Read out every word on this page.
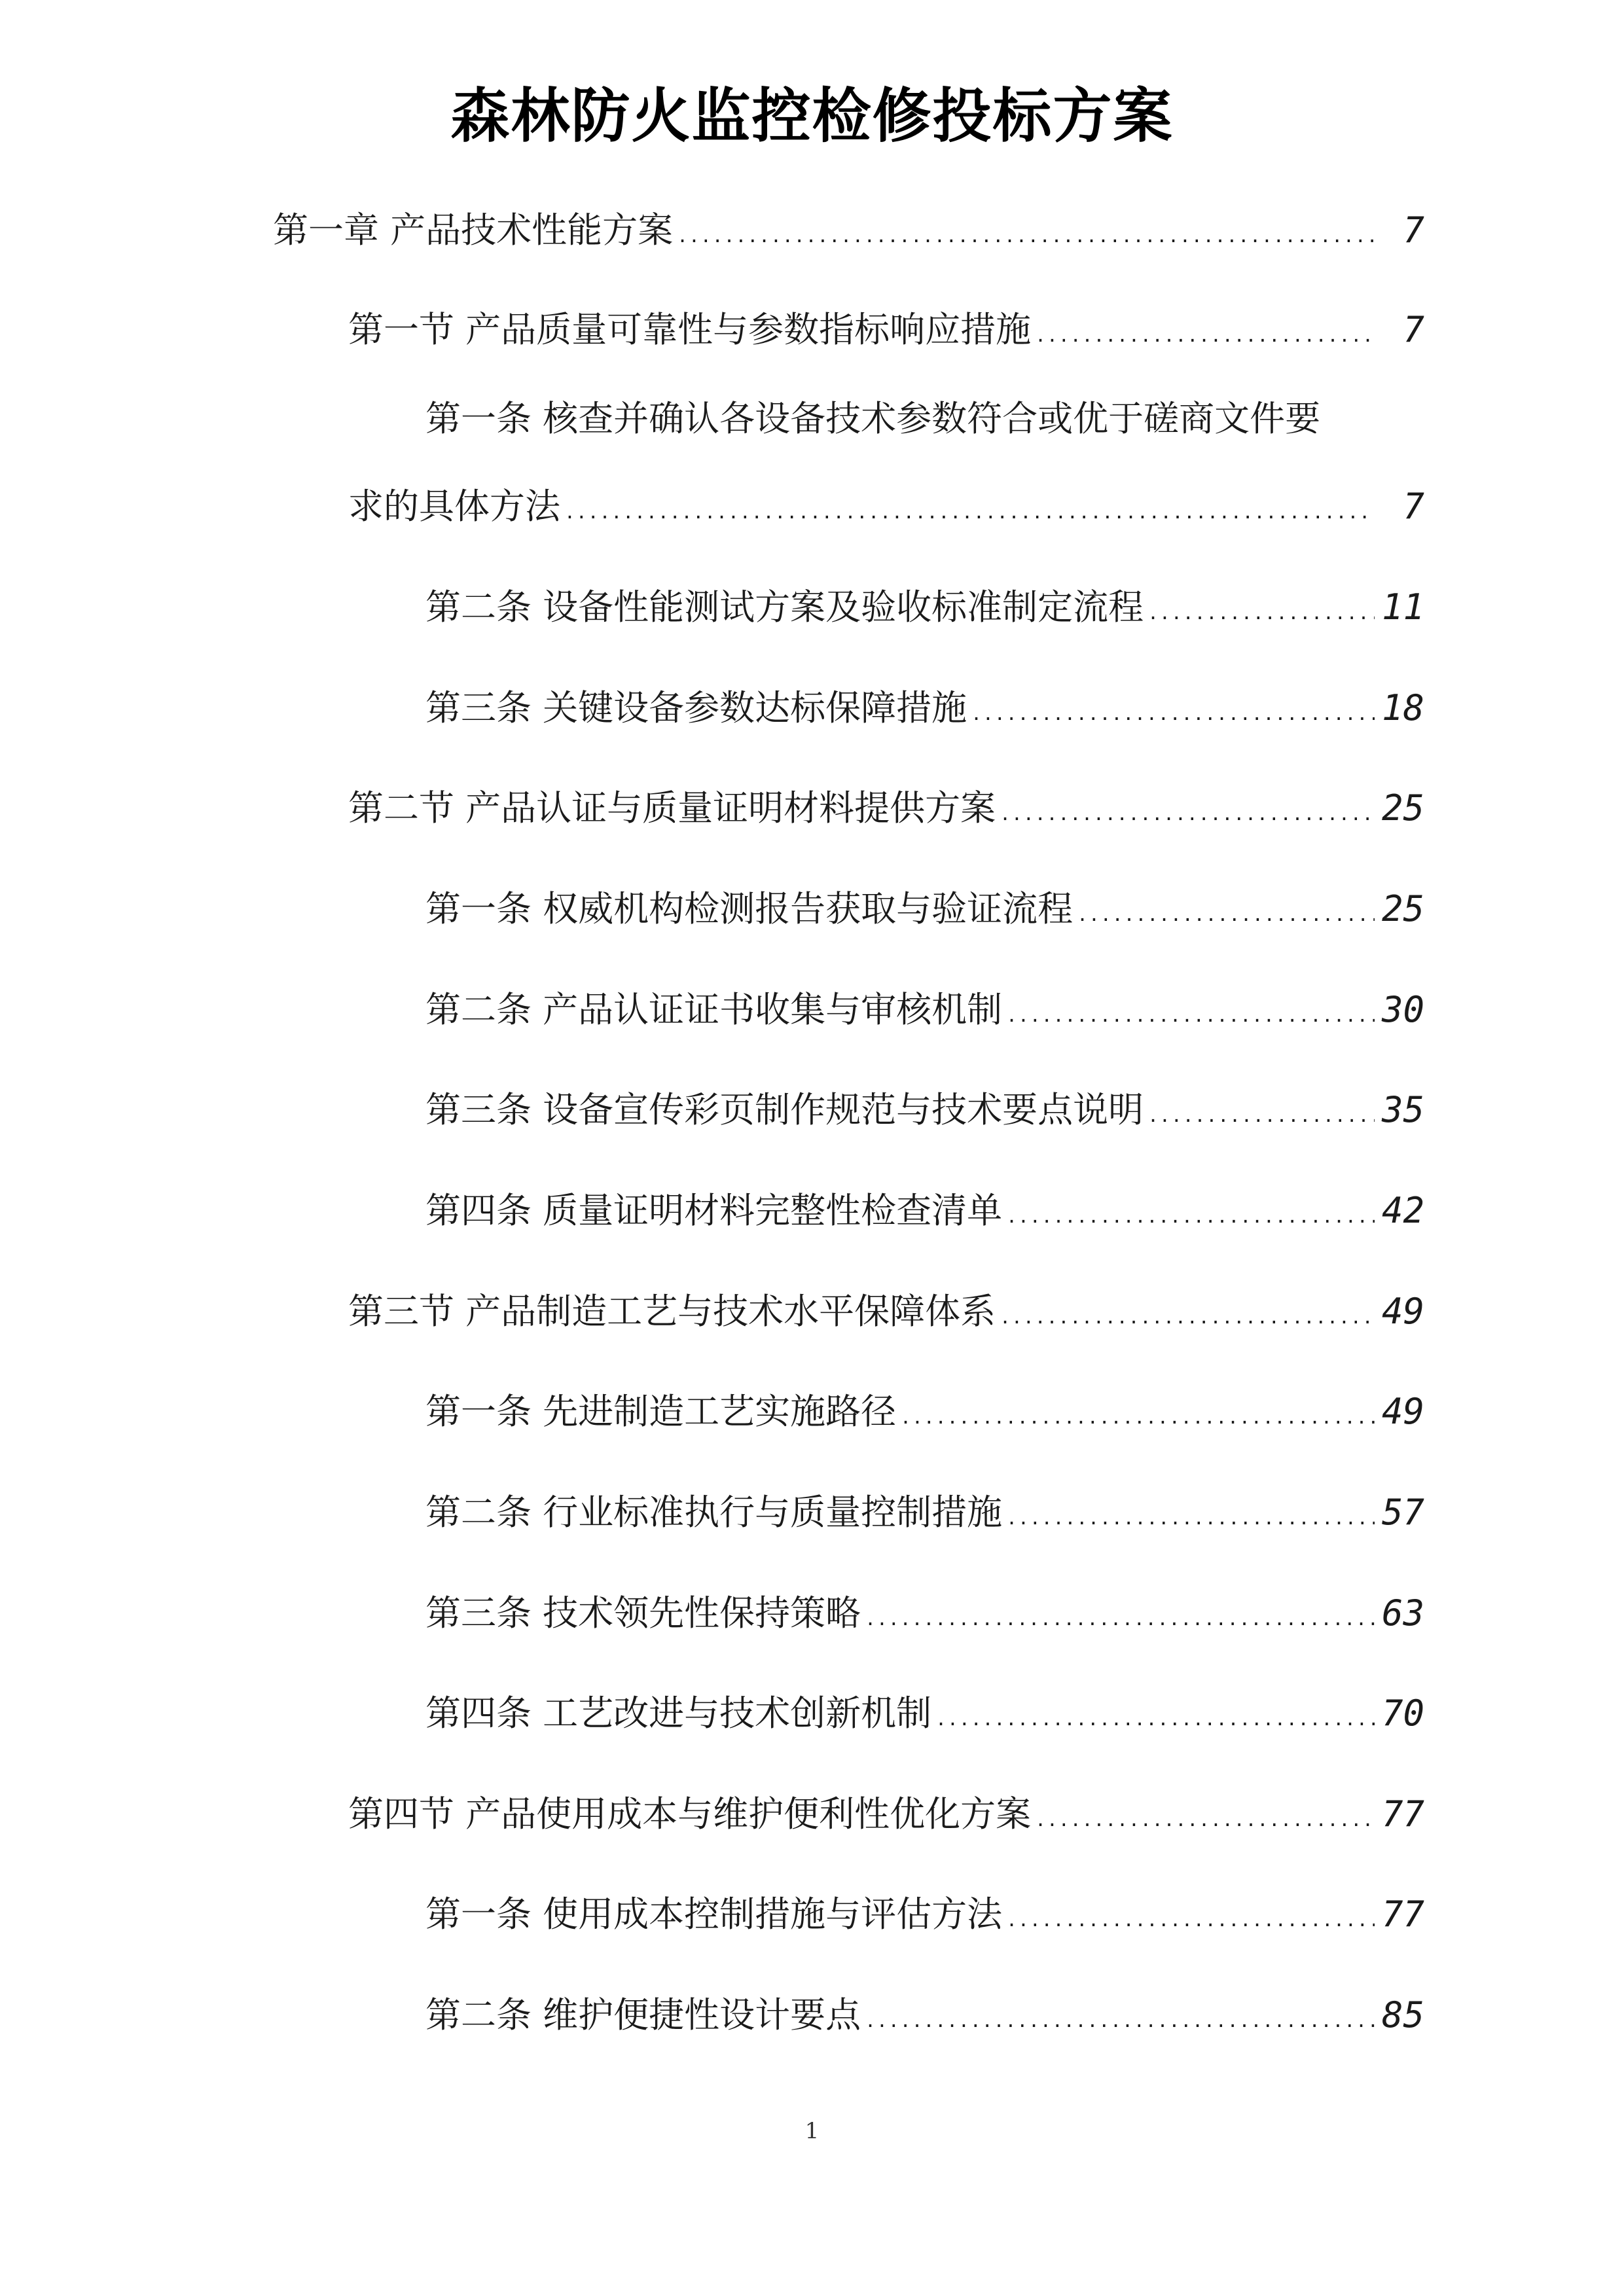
森林防火监控检修投标方案
第一章 产品技术性能方案 .....	7
第一节 产品质量可靠性与参数指标响应措施 .....	7
第一条 核查并确认各设备技术参数符合或优于磋商文件要
求的具体方法 .....	7
第二条 设备性能测试方案及验收标准制定流程 .....	11
第三条 关键设备参数达标保障措施 .....	18
第二节 产品认证与质量证明材料提供方案 .....	25
第一条 权威机构检测报告获取与验证流程 .....	25
第二条 产品认证证书收集与审核机制 .....	30
第三条 设备宣传彩页制作规范与技术要点说明 .....	35
第四条 质量证明材料完整性检查清单 .....	42
第三节 产品制造工艺与技术水平保障体系 .....	49
第一条 先进制造工艺实施路径 .....	49
第二条 行业标准执行与质量控制措施 .....	57
第三条 技术领先性保持策略 .....	63
第四条 工艺改进与技术创新机制 .....	70
第四节 产品使用成本与维护便利性优化方案 .....	77
第一条 使用成本控制措施与评估方法 .....	77
第二条 维护便捷性设计要点 .....	85
1
